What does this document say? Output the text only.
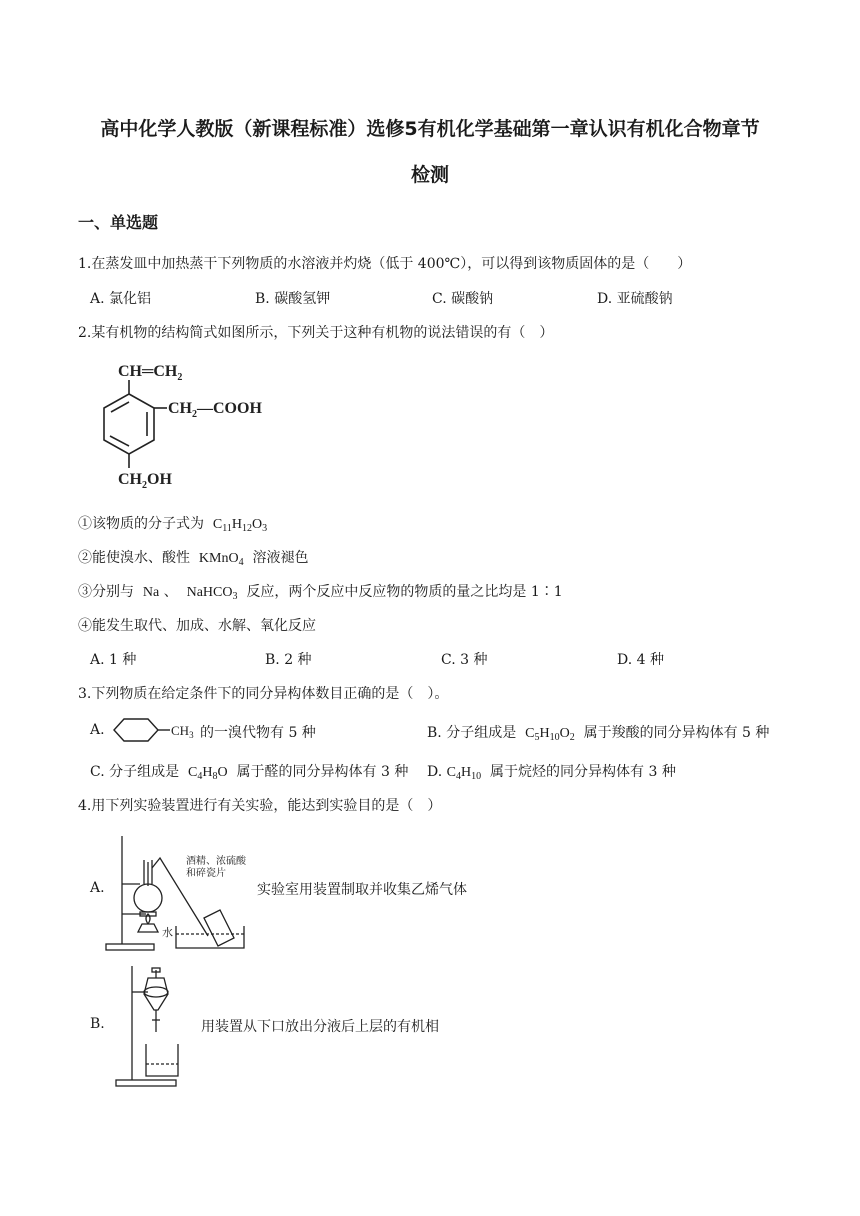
高中化学人教版（新课程标准）选修5有机化学基础第一章认识有机化合物章节
检测
一、单选题
1.在蒸发皿中加热蒸干下列物质的水溶液并灼烧（低于 400℃），可以得到该物质固体的是（　　）
A. 氯化铝	B. 碳酸氢钾	C. 碳酸钠	D. 亚硫酸钠
2.某有机物的结构简式如图所示，下列关于这种有机物的说法错误的有（　）
$CH═CH_2$
$CH_2—COOH$
$CH_2OH$
①该物质的分子式为 $C_{11}H_{12}O_3$
②能使溴水、酸性 KMnO$_4$ 溶液褪色
③分别与 Na 、 NaHCO$_3$ 反应，两个反应中反应物的物质的量之比均是 1∶1
④能发生取代、加成、水解、氧化反应
A. 1 种	B. 2 种	C. 3 种	D. 4 种
3.下列物质在给定条件下的同分异构体数目正确的是（　）。
A.	$CH_3$ 的一溴代物有 5 种	B. 分子组成是 $C_5H_{10}O_2$ 属于羧酸的同分异构体有 5 种
C. 分子组成是 $C_4H_8O$ 属于醛的同分异构体有 3 种 D. $C_4H_{10}$ 属于烷烃的同分异构体有 3 种
4.用下列实验装置进行有关实验，能达到实验目的是（　）
A.
酒精、浓硫酸
和碎瓷片
水
实验室用装置制取并收集乙烯气体
B.	用装置从下口放出分液后上层的有机相
